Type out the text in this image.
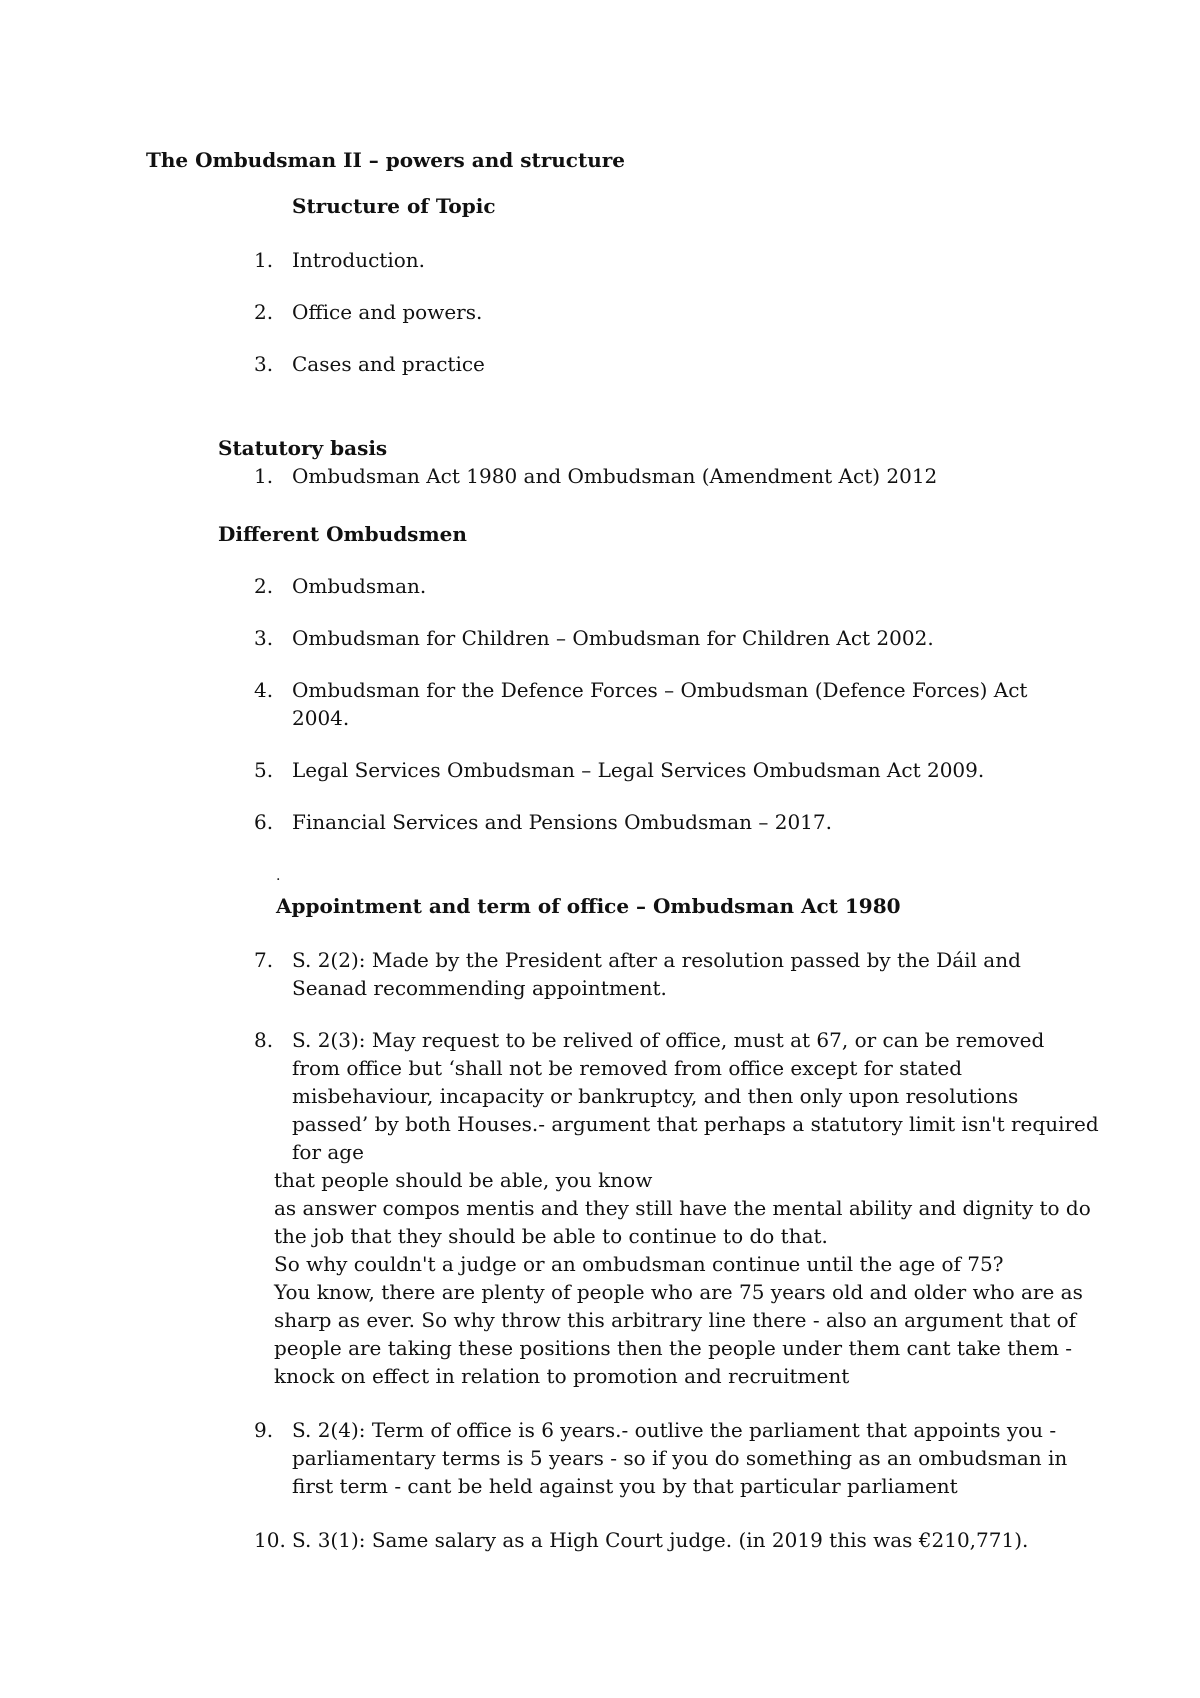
The Ombudsman II – powers and structure
Structure of Topic
1. Introduction.
2. Office and powers.
3. Cases and practice
Statutory basis
1. Ombudsman Act 1980 and Ombudsman (Amendment Act) 2012
Different Ombudsmen
2. Ombudsman.
3. Ombudsman for Children – Ombudsman for Children Act 2002.
4. Ombudsman for the Defence Forces – Ombudsman (Defence Forces) Act
2004.
5. Legal Services Ombudsman – Legal Services Ombudsman Act 2009.
6. Financial Services and Pensions Ombudsman – 2017.
.
Appointment and term of office – Ombudsman Act 1980
7. S. 2(2): Made by the President after a resolution passed by the Dáil and
Seanad recommending appointment.
8. S. 2(3): May request to be relived of office, must at 67, or can be removed
from office but ‘shall not be removed from office except for stated
misbehaviour, incapacity or bankruptcy, and then only upon resolutions
passed’ by both Houses.- argument that perhaps a statutory limit isn't required
for age
that people should be able, you know
as answer compos mentis and they still have the mental ability and dignity to do
the job that they should be able to continue to do that.
So why couldn't a judge or an ombudsman continue until the age of 75?
You know, there are plenty of people who are 75 years old and older who are as
sharp as ever. So why throw this arbitrary line there - also an argument that of
people are taking these positions then the people under them cant take them -
knock on effect in relation to promotion and recruitment
9. S. 2(4): Term of office is 6 years.- outlive the parliament that appoints you -
parliamentary terms is 5 years - so if you do something as an ombudsman in
first term - cant be held against you by that particular parliament
10. S. 3(1): Same salary as a High Court judge. (in 2019 this was €210,771).
